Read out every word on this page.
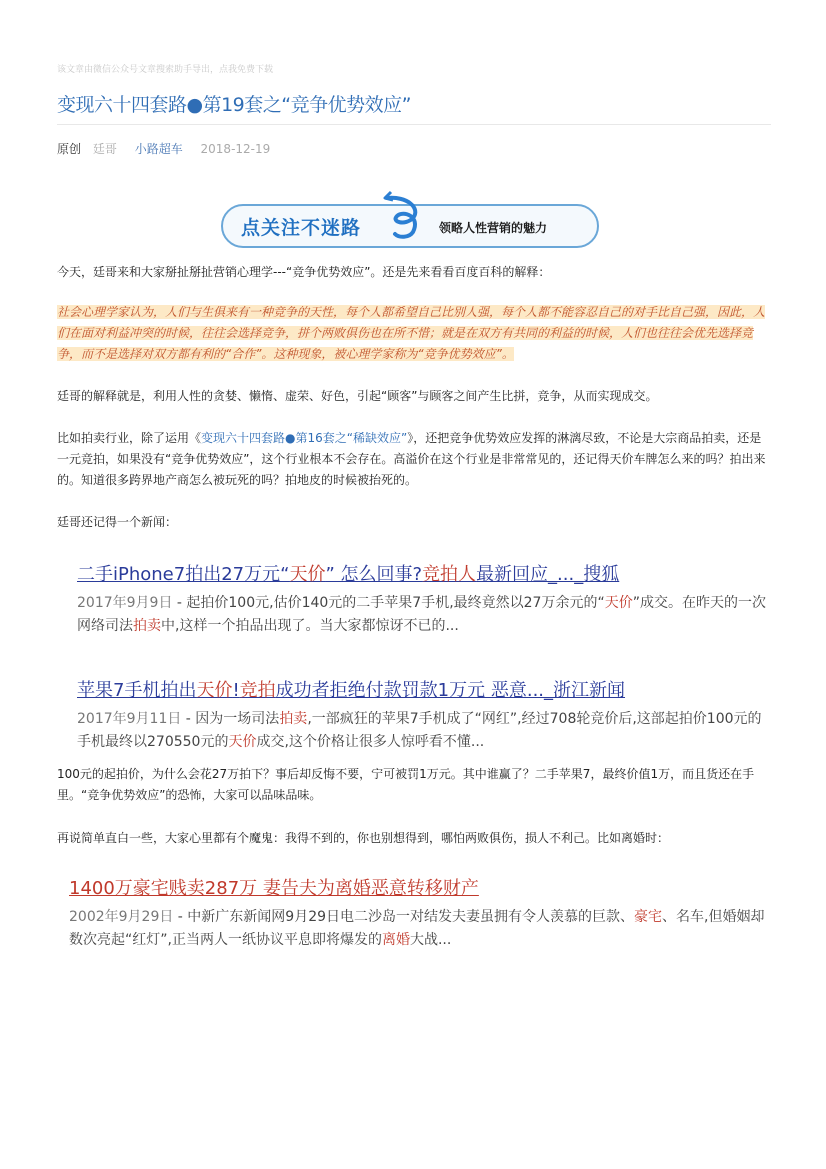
该文章由微信公众号文章搜索助手导出，点我免费下载
变现六十四套路●第19套之“竞争优势效应”
原创 廷哥 小路超车 2018-12-19
点关注不迷路	领略人性营销的魅力

今天，廷哥来和大家掰扯掰扯营销心理学---“竞争优势效应”。还是先来看看百度百科的解释：

社会心理学家认为，人们与生俱来有一种竞争的天性，每个人都希望自己比别人强，每个人都不能容忍自己的对手比自己强，因此，人们在面对利益冲突的时候，往往会选择竞争，拼个两败俱伤也在所不惜；就是在双方有共同的利益的时候，人们也往往会优先选择竞争，而不是选择对双方都有利的“合作”。这种现象，被心理学家称为“竞争优势效应”。

廷哥的解释就是，利用人性的贪婪、懒惰、虚荣、好色，引起“顾客”与顾客之间产生比拼，竞争，从而实现成交。

比如拍卖行业，除了运用《变现六十四套路●第16套之“稀缺效应”》，还把竞争优势效应发挥的淋漓尽致，不论是大宗商品拍卖，还是一元竞拍，如果没有“竞争优势效应”，这个行业根本不会存在。高溢价在这个行业是非常常见的，还记得天价车牌怎么来的吗？拍出来的。知道很多跨界地产商怎么被玩死的吗？拍地皮的时候被抬死的。

廷哥还记得一个新闻：

二手iPhone7拍出27万元“天价” 怎么回事?竞拍人最新回应_..._搜狐
2017年9月9日 - 起拍价100元,估价140元的二手苹果7手机,最终竟然以27万余元的“天价”成交。在昨天的一次网络司法拍卖中,这样一个拍品出现了。当大家都惊讶不已的...
苹果7手机拍出天价!竞拍成功者拒绝付款罚款1万元 恶意..._浙江新闻
2017年9月11日 - 因为一场司法拍卖,一部疯狂的苹果7手机成了“网红”,经过708轮竞价后,这部起拍价100元的手机最终以270550元的天价成交,这个价格让很多人惊呼看不懂...

100元的起拍价，为什么会花27万拍下？事后却反悔不要，宁可被罚1万元。其中谁赢了？二手苹果7，最终价值1万，而且货还在手里。“竞争优势效应”的恐怖，大家可以品味品味。

再说简单直白一些，大家心里都有个魔鬼：我得不到的，你也别想得到，哪怕两败俱伤，损人不利己。比如离婚时：

1400万豪宅贱卖287万 妻告夫为离婚恶意转移财产
2002年9月29日 - 中新广东新闻网9月29日电二沙岛一对结发夫妻虽拥有令人羡慕的巨款、豪宅、名车,但婚姻却数次亮起“红灯”,正当两人一纸协议平息即将爆发的离婚大战...
